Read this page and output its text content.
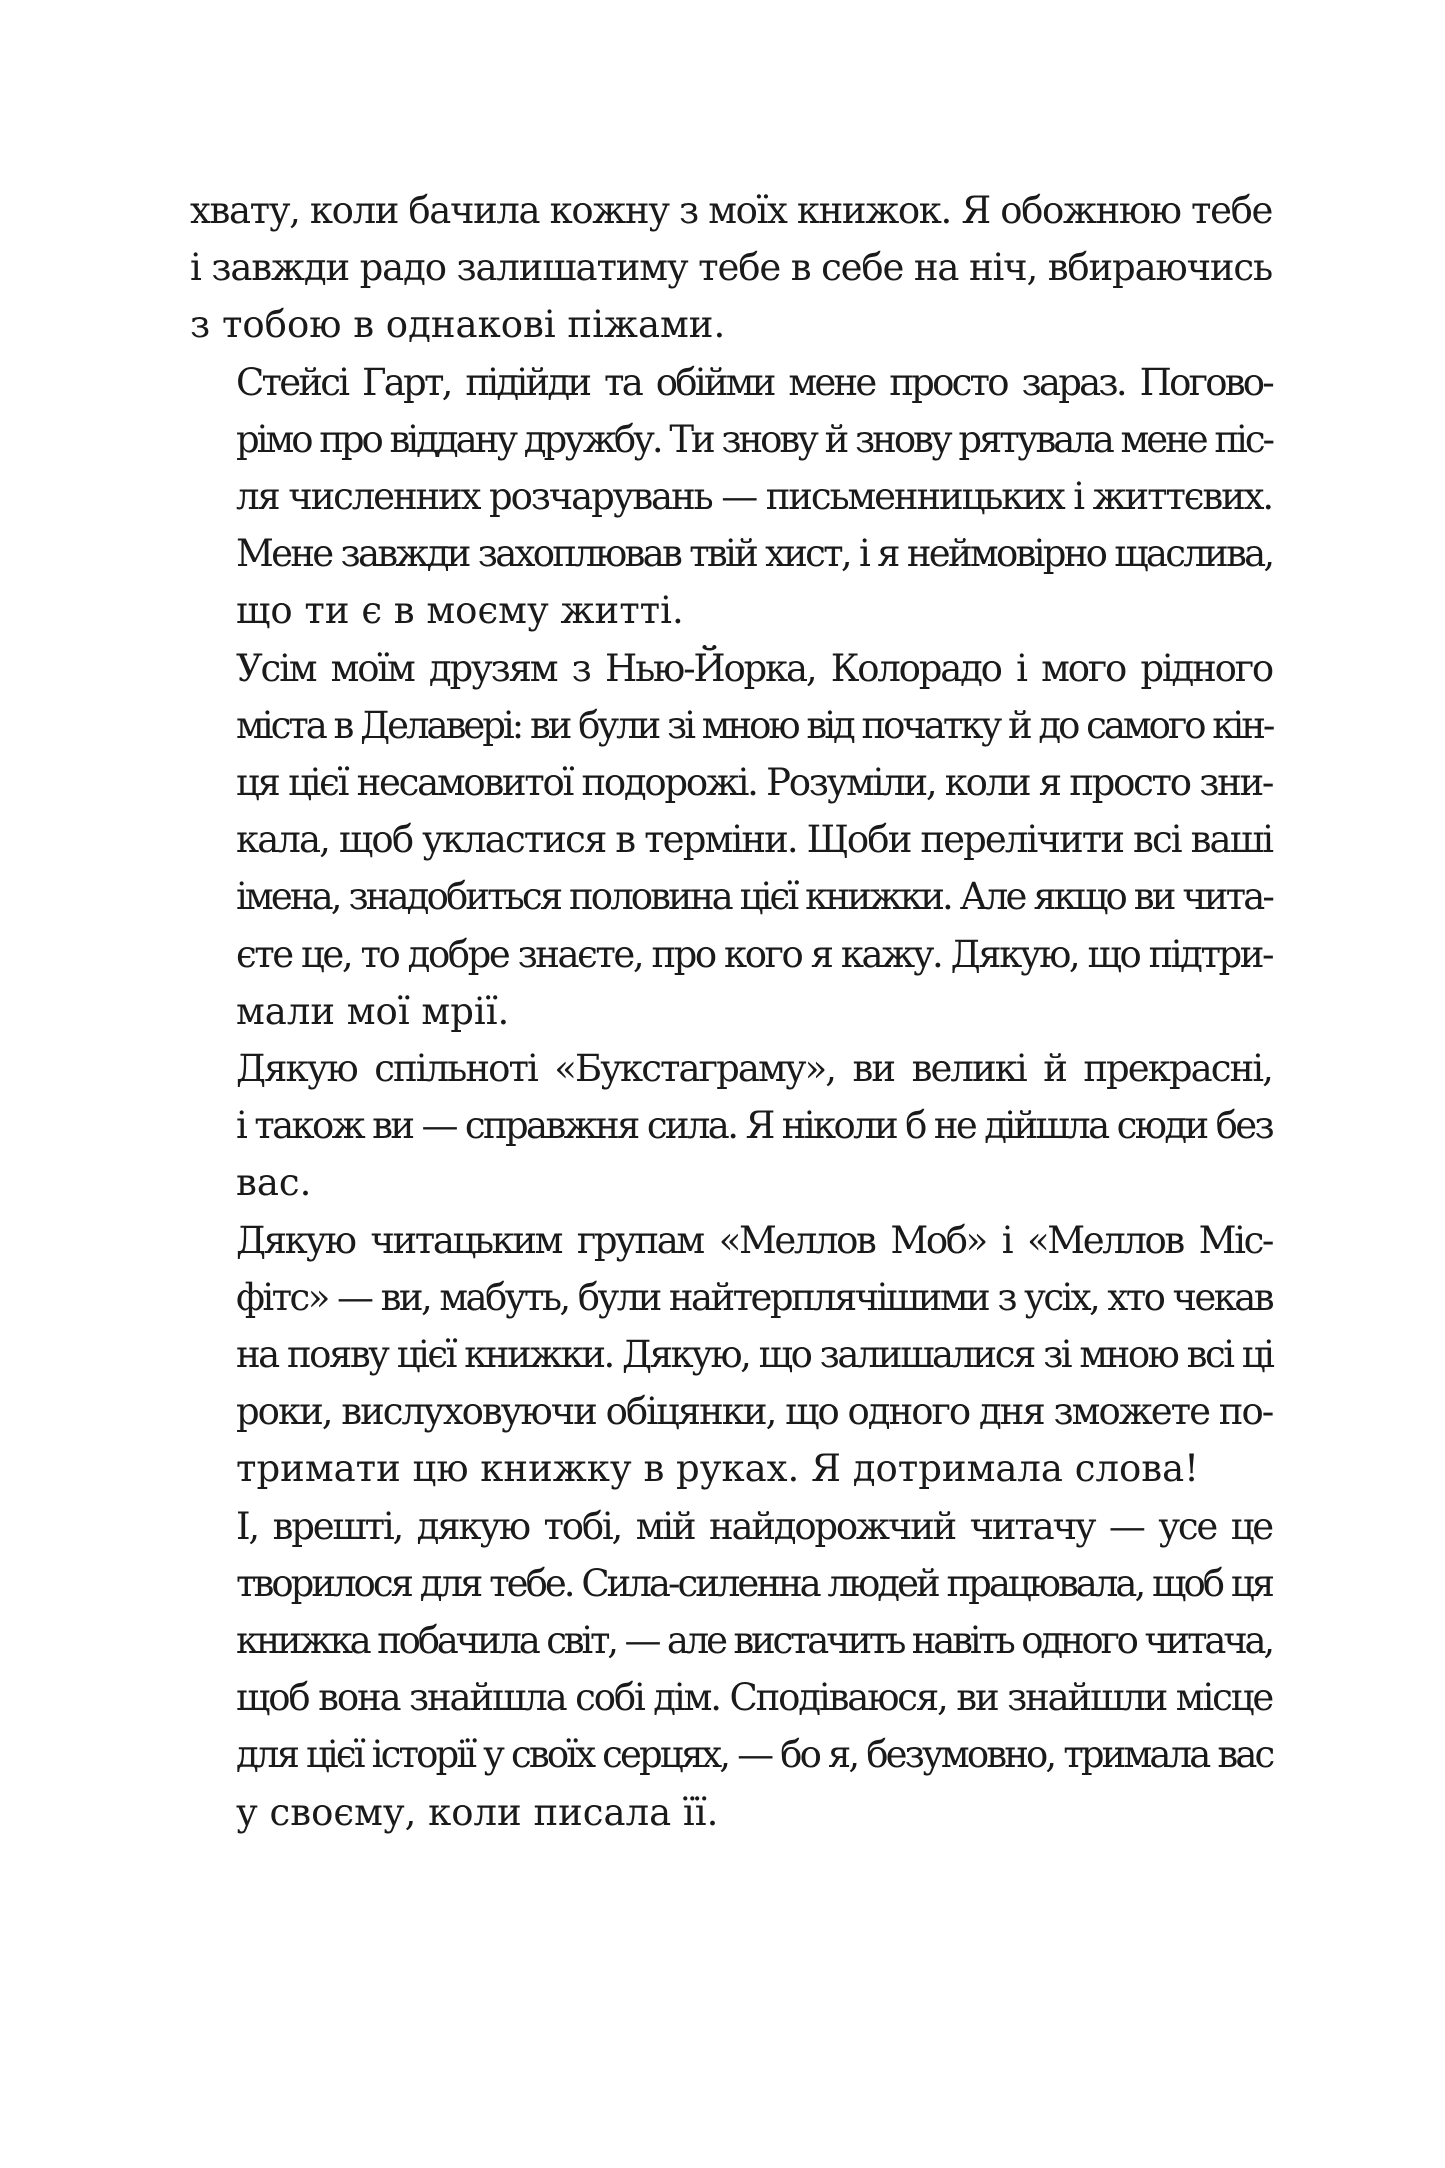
хвату, коли бачила кожну з моїх книжок. Я обожнюю тебе
і завжди радо залишатиму тебе в себе на ніч, вбираючись
з тобою в однакові піжами.

Стейсі Гарт, підійди та обійми мене просто зараз. Погово-
рімо про віддану дружбу. Ти знову й знову рятувала мене піс-
ля численних розчарувань — письменницьких і життєвих.
Мене завжди захоплював твій хист, і я неймовірно щаслива,
що ти є в моєму житті.

Усім моїм друзям з Нью-Йорка, Колорадо і мого рідного
міста в Делавері: ви були зі мною від початку й до самого кін-
ця цієї несамовитої подорожі. Розуміли, коли я просто зни-
кала, щоб укластися в терміни. Щоби перелічити всі ваші
імена, знадобиться половина цієї книжки. Але якщо ви чита-
єте це, то добре знаєте, про кого я кажу. Дякую, що підтри-
мали мої мрії.

Дякую спільноті «Букстаграму», ви великі й прекрасні,
і також ви — справжня сила. Я ніколи б не дійшла сюди без
вас.

Дякую читацьким групам «Меллов Моб» і «Меллов Міс-
фітс» — ви, мабуть, були найтерплячішими з усіх, хто чекав
на появу цієї книжки. Дякую, що залишалися зі мною всі ці
роки, вислуховуючи обіцянки, що одного дня зможете по-
тримати цю книжку в руках. Я дотримала слова!

І, врешті, дякую тобі, мій найдорожчий читачу — усе це
творилося для тебе. Сила-силенна людей працювала, щоб ця
книжка побачила світ, — але вистачить навіть одного читача,
щоб вона знайшла собі дім. Сподіваюся, ви знайшли місце
для цієї історії у своїх серцях, — бо я, безумовно, тримала вас
у своєму, коли писала її.
